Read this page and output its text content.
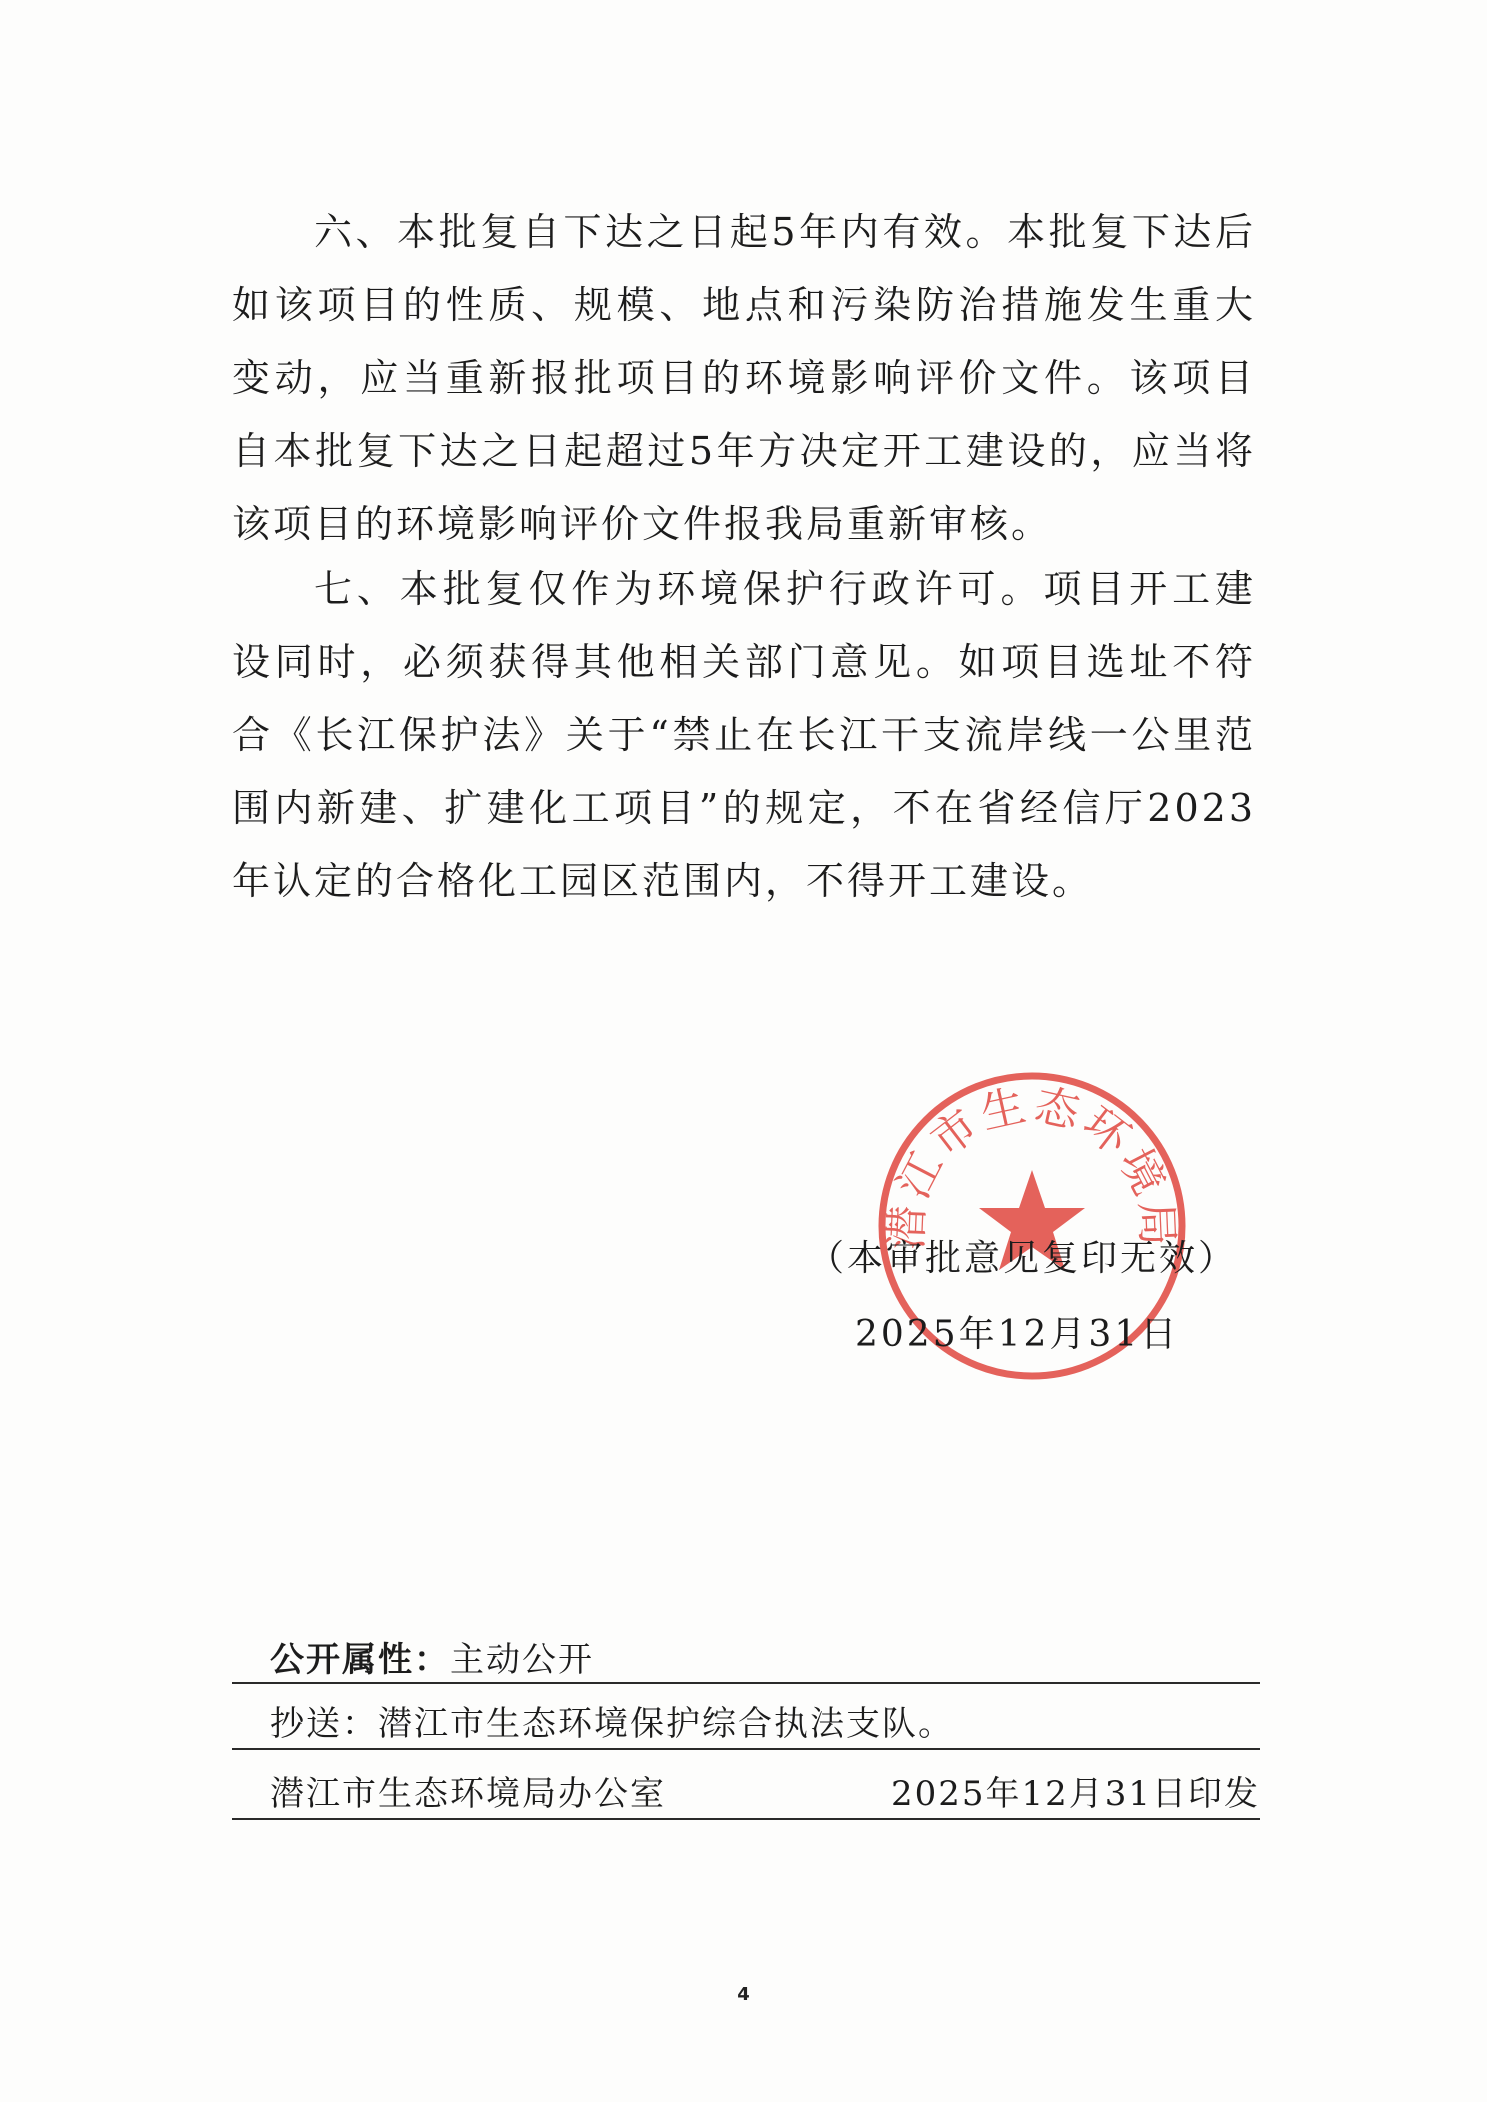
六、本批复自下达之日起5年内有效。本批复下达后如该项目的性质、规模、地点和污染防治措施发生重大变动，应当重新报批项目的环境影响评价文件。该项目自本批复下达之日起超过5年方决定开工建设的，应当将该项目的环境影响评价文件报我局重新审核。

七、本批复仅作为环境保护行政许可。项目开工建设同时，必须获得其他相关部门意见。如项目选址不符合《长江保护法》关于“禁止在长江干支流岸线一公里范围内新建、扩建化工项目”的规定，不在省经信厅2023年认定的合格化工园区范围内，不得开工建设。

潜江市生态环境局
（本审批意见复印无效）
2025年12月31日
公开属性：主动公开
抄送：潜江市生态环境保护综合执法支队。
潜江市生态环境局办公室	2025年12月31日印发
4
